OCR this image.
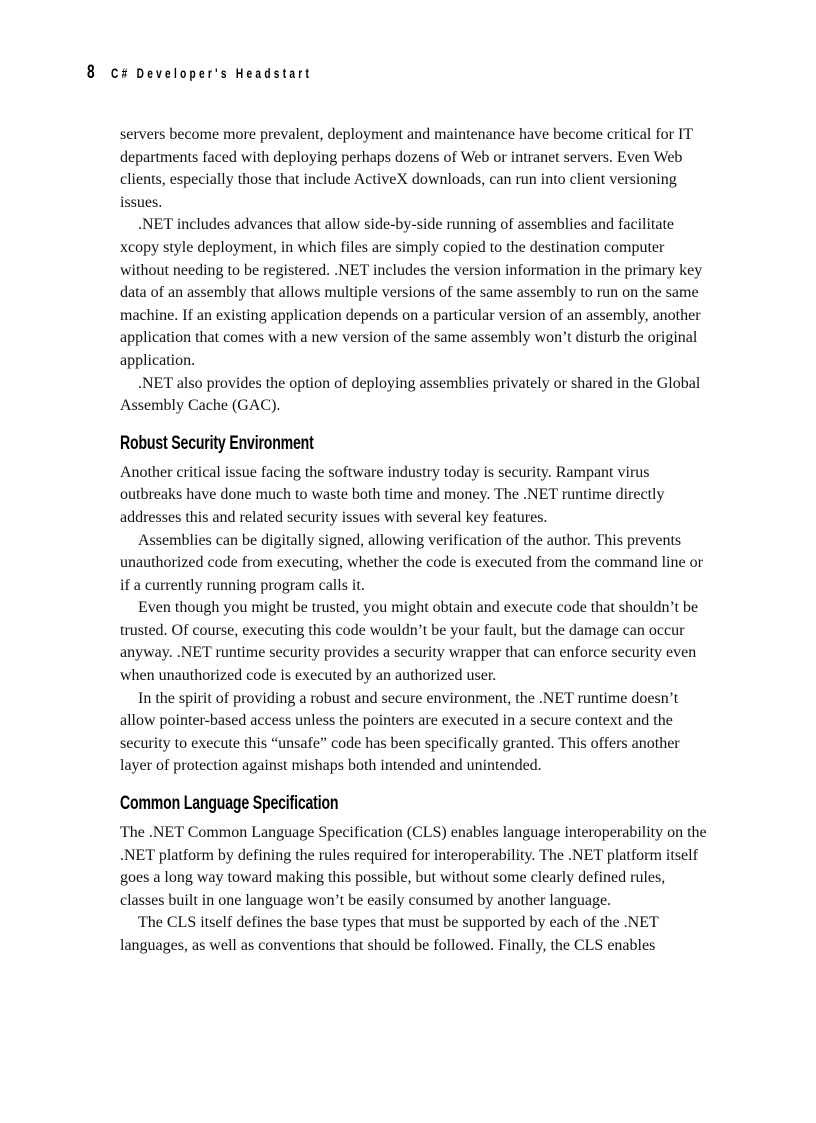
8 C# Developer's Headstart

servers become more prevalent, deployment and maintenance have become critical for IT departments faced with deploying perhaps dozens of Web or intranet servers. Even Web clients, especially those that include ActiveX downloads, can run into client versioning issues.

.NET includes advances that allow side-by-side running of assemblies and facilitate xcopy style deployment, in which files are simply copied to the destination computer without needing to be registered. .NET includes the version information in the primary key data of an assembly that allows multiple versions of the same assembly to run on the same machine. If an existing application depends on a particular version of an assembly, another application that comes with a new version of the same assembly won’t disturb the original application.

.NET also provides the option of deploying assemblies privately or shared in the Global Assembly Cache (GAC).

Robust Security Environment

Another critical issue facing the software industry today is security. Rampant virus outbreaks have done much to waste both time and money. The .NET runtime directly addresses this and related security issues with several key features.

Assemblies can be digitally signed, allowing verification of the author. This prevents unauthorized code from executing, whether the code is executed from the command line or if a currently running program calls it.

Even though you might be trusted, you might obtain and execute code that shouldn’t be trusted. Of course, executing this code wouldn’t be your fault, but the damage can occur anyway. .NET runtime security provides a security wrapper that can enforce security even when unauthorized code is executed by an authorized user.

In the spirit of providing a robust and secure environment, the .NET runtime doesn’t allow pointer-based access unless the pointers are executed in a secure context and the security to execute this “unsafe” code has been specifically granted. This offers another layer of protection against mishaps both intended and unintended.

Common Language Specification

The .NET Common Language Specification (CLS) enables language interoperability on the .NET platform by defining the rules required for interoperability. The .NET platform itself goes a long way toward making this possible, but without some clearly defined rules, classes built in one language won’t be easily consumed by another language.

The CLS itself defines the base types that must be supported by each of the .NET languages, as well as conventions that should be followed. Finally, the CLS enables
